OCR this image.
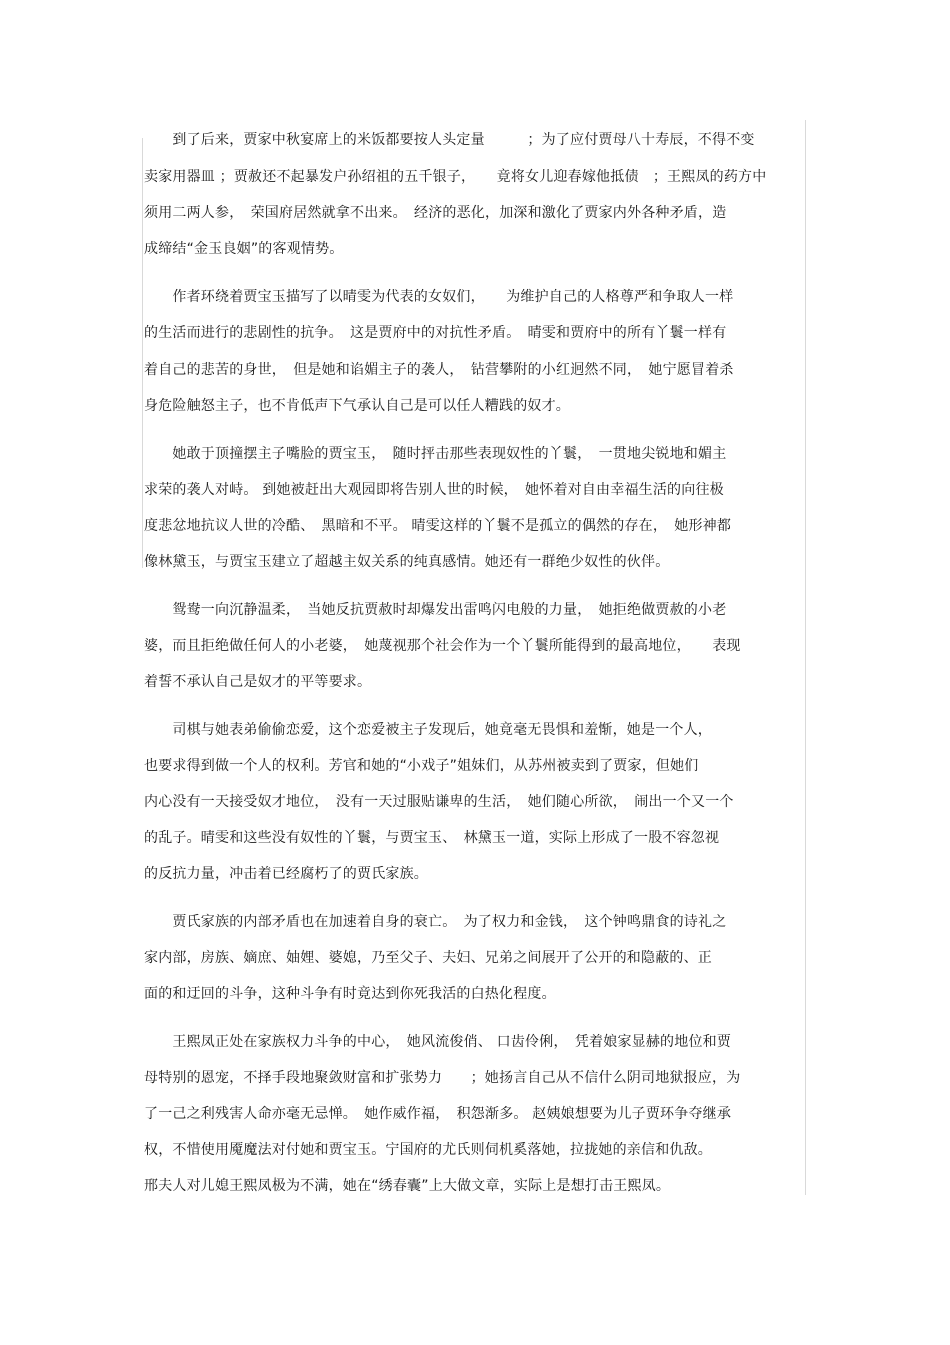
　　到了后来，贾家中秋宴席上的米饭都要按人头定量　　　；为了应付贾母八十寿辰，不得不变
卖家用器皿 ；贾赦还不起暴发户孙绍祖的五千银子，　　竟将女儿迎春嫁他抵债　；王熙凤的药方中
须用二两人参，　荣国府居然就拿不出来。　经济的恶化，加深和激化了贾家内外各种矛盾，造
成缔结“金玉良姻”的客观情势。
　　作者环绕着贾宝玉描写了以晴雯为代表的女奴们，　　为维护自己的人格尊严和争取人一样
的生活而进行的悲剧性的抗争。　这是贾府中的对抗性矛盾。　晴雯和贾府中的所有丫鬟一样有
着自己的悲苦的身世，　但是她和谄媚主子的袭人，　钻营攀附的小红迥然不同，　她宁愿冒着杀
身危险触怒主子，也不肯低声下气承认自己是可以任人糟践的奴才。
　　她敢于顶撞摆主子嘴脸的贾宝玉，　随时抨击那些表现奴性的丫鬟，　一贯地尖锐地和媚主
求荣的袭人对峙。 到她被赶出大观园即将告别人世的时候，　她怀着对自由幸福生活的向往极
度悲忿地抗议人世的冷酷、　黑暗和不平。 晴雯这样的丫鬟不是孤立的偶然的存在，　她形神都
像林黛玉，与贾宝玉建立了超越主奴关系的纯真感情。她还有一群绝少奴性的伙伴。
　　鸳鸯一向沉静温柔，　当她反抗贾赦时却爆发出雷鸣闪电般的力量，　她拒绝做贾赦的小老
婆，而且拒绝做任何人的小老婆，　她蔑视那个社会作为一个丫鬟所能得到的最高地位，　　表现
着誓不承认自己是奴才的平等要求。
　　司棋与她表弟偷偷恋爱，这个恋爱被主子发现后，她竟毫无畏惧和羞惭，她是一个人，
也要求得到做一个人的权利。芳官和她的“小戏子”姐妹们，从苏州被卖到了贾家，但她们
内心没有一天接受奴才地位，　没有一天过服贴谦卑的生活，　她们随心所欲，　闹出一个又一个
的乱子。晴雯和这些没有奴性的丫鬟，与贾宝玉、　林黛玉一道，实际上形成了一股不容忽视
的反抗力量，冲击着已经腐朽了的贾氏家族。
　　贾氏家族的内部矛盾也在加速着自身的衰亡。　为了权力和金钱，　这个钟鸣鼎食的诗礼之
家内部，房族、嫡庶、妯娌、婆媳，乃至父子、夫妇、兄弟之间展开了公开的和隐蔽的、正
面的和迂回的斗争，这种斗争有时竟达到你死我活的白热化程度。
　　王熙凤正处在家族权力斗争的中心，　她风流俊俏、 口齿伶俐，　凭着娘家显赫的地位和贾
母特别的恩宠，不择手段地聚敛财富和扩张势力　　；她扬言自己从不信什么阴司地狱报应，为
了一己之利残害人命亦毫无忌惮。　她作威作福，　积怨渐多。 赵姨娘想要为儿子贾环争夺继承
权，不惜使用魇魔法对付她和贾宝玉。宁国府的尤氏则伺机奚落她，拉拢她的亲信和仇敌。
邢夫人对儿媳王熙凤极为不满，她在“绣春囊”上大做文章，实际上是想打击王熙凤。
